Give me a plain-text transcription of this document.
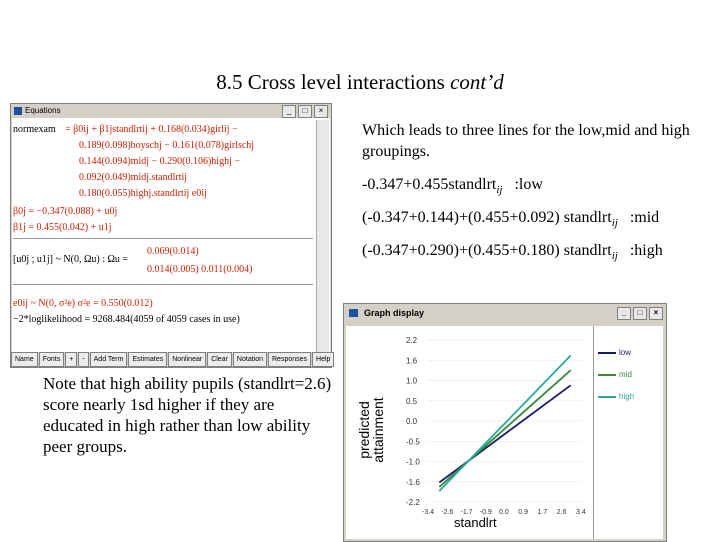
8.5 Cross level interactions cont’d
Equations	_	□	×
normexam = β0ij + β1jstandlrtij + 0.168(0.034)girlij −
0.189(0.098)boyschj − 0.161(0.078)girlschj
0.144(0.094)midj − 0.290(0.106)highj −
0.092(0.049)midj.standlrtij
0.180(0.055)highj.standlrtij e0ij
β0j = −0.347(0.088) + u0j
β1j = 0.455(0.042) + u1j
[u0j ; u1j] ~ N(0, Ωu) : Ωu =
0.069(0.014)
0.014(0.005) 0.011(0.004)
e0ij ~ N(0, σ²e) σ²e = 0.550(0.012)
−2*loglikelihood = 9268.484(4059 of 4059 cases in use)
Name	Fonts	+	-	Add Term	Estimates	Nonlinear	Clear	Notation	Responses	Help
Note that high ability pupils (standlrt=2.6) score nearly 1sd higher if they are educated in high rather than low ability peer groups.
Which leads to three lines for the low,mid and high groupings.
-0.347+0.455standlrt$_{ij}$ :low
(-0.347+0.144)+(0.455+0.092) standlrt$_{ij}$ :mid
(-0.347+0.290)+(0.455+0.180) standlrt$_{ij}$ :high
Graph display	_	□	×
predicted attainment
2.2
1.6
1.0
0.5
0.0
-0.5
-1.0
-1.6
-2.2
-3.4 -2.6 -1.7 -0.9 0.0 0.9 1.7 2.6 3.4
standlrt
low
mid
high
